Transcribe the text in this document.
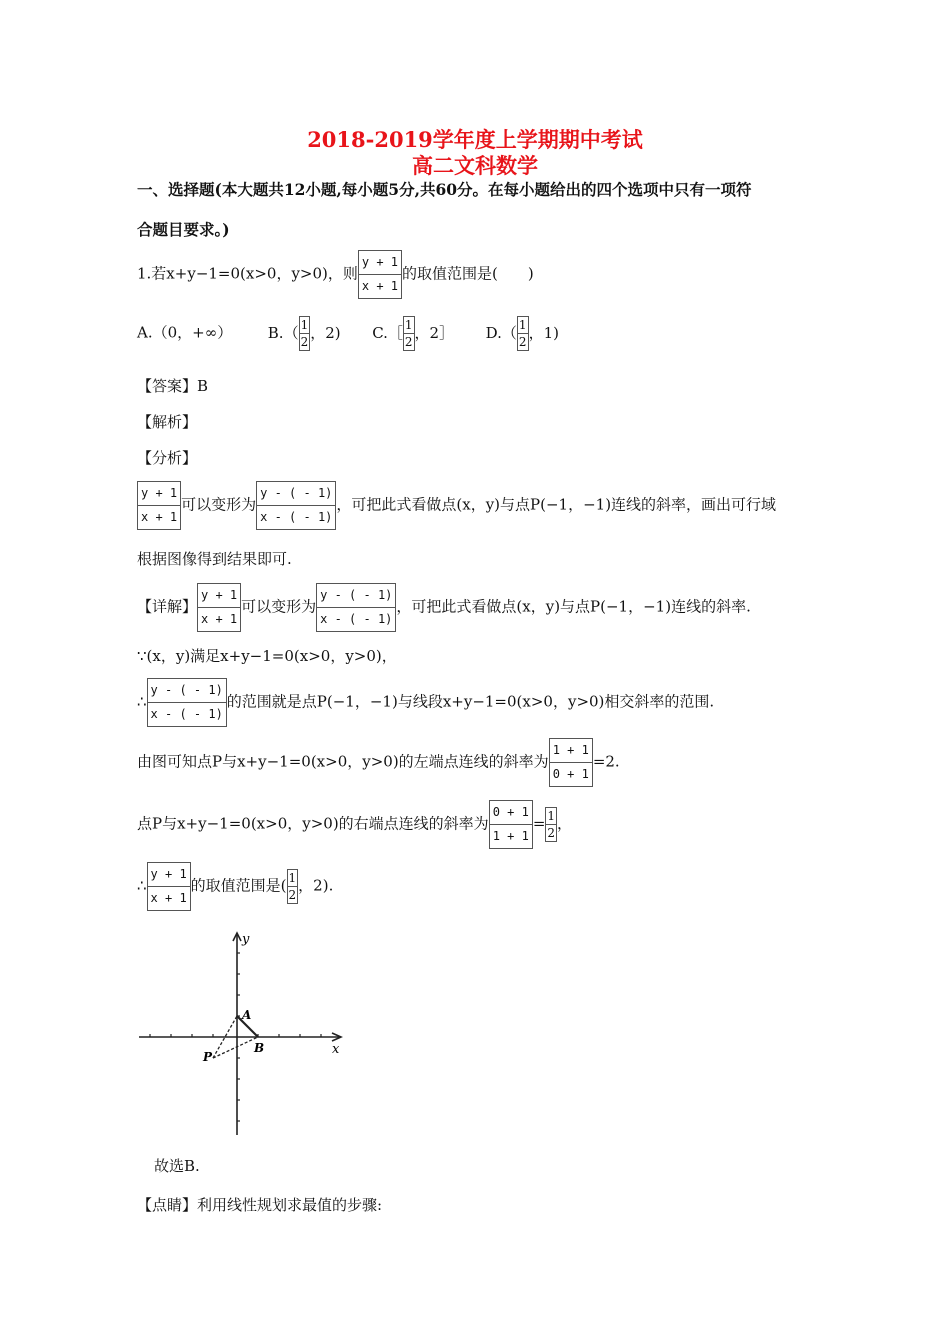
2018-2019学年度上学期期中考试
高二文科数学
一、选择题(本大题共12小题,每小题5分,共60分。在每小题给出的四个选项中只有一项符
合题目要求。)
1.若x+y−1=0(x>0，y>0)，则 $\frac{y + 1}{x + 1}$ 的取值范围是(　　)
A.（0，+∞） $B.( \frac{1}{2}$ ，2) C.［ $\frac{1}{2}$ ，2］ $D.( \frac{1}{2}$ ，1)
【答案】B
【解析】
【分析】
$\frac{y + 1}{x + 1}$ 可以变形为 $\frac{y - ( - 1)}{x - ( - 1)}$ ，可把此式看做点(x，y)与点P(−1，−1)连线的斜率，画出可行域
根据图像得到结果即可.
【详解】 $\frac{y + 1}{x + 1}$ 可以变形为 $\frac{y - ( - 1)}{x - ( - 1)}$ ，可把此式看做点(x，y)与点P(−1，−1)连线的斜率.
∵(x，y)满足x+y−1=0(x>0，y>0)，
∴ $\frac{y - ( - 1)}{x - ( - 1)}$ 的范围就是点P(−1，−1)与线段x+y−1=0(x>0，y>0)相交斜率的范围.
由图可知点P与x+y−1=0(x>0，y>0)的左端点连线的斜率为 $\frac{1 + 1}{0 + 1} =2$.
点P与x+y−1=0(x>0，y>0)的右端点连线的斜率为 $\frac{0 + 1}{1 + 1} = \frac{1}{2}$ ，
∴ $\frac{y + 1}{x + 1}$ 的取值范围是( $\frac{1}{2}$ ，2).
y
x
A
B
P
故选B.
【点睛】利用线性规划求最值的步骤:
